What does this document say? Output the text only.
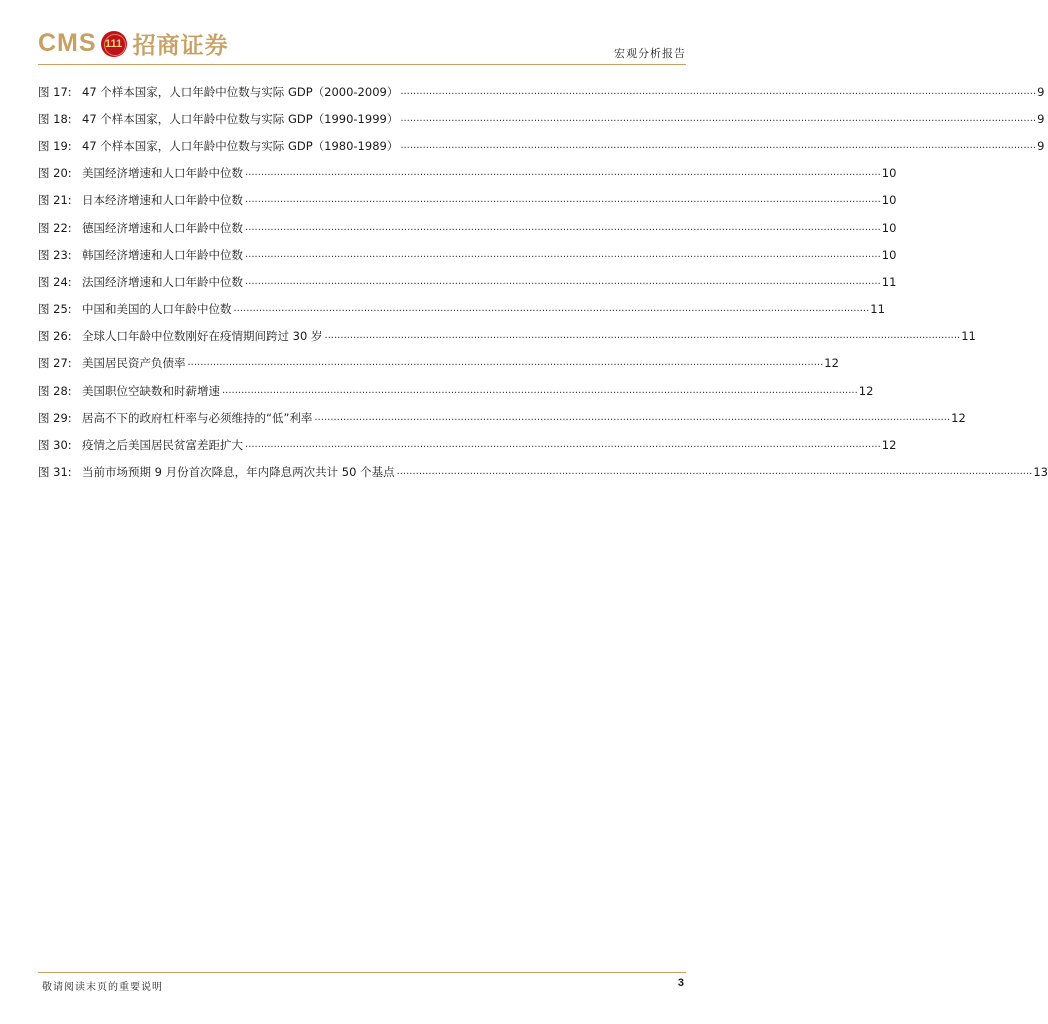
CMS 111 招商证券	宏观分析报告
图 17: 47 个样本国家，人口年龄中位数与实际 GDP（2000-2009） ........................................................................................................................................................................................................ 9
图 18: 47 个样本国家，人口年龄中位数与实际 GDP（1990-1999） ........................................................................................................................................................................................................ 9
图 19: 47 个样本国家，人口年龄中位数与实际 GDP（1980-1989） ........................................................................................................................................................................................................ 9
图 20: 美国经济增速和人口年龄中位数 ........................................................................................................................................................................................................ 10
图 21: 日本经济增速和人口年龄中位数 ........................................................................................................................................................................................................ 10
图 22: 德国经济增速和人口年龄中位数 ........................................................................................................................................................................................................ 10
图 23: 韩国经济增速和人口年龄中位数 ........................................................................................................................................................................................................ 10
图 24: 法国经济增速和人口年龄中位数 ........................................................................................................................................................................................................ 11
图 25: 中国和美国的人口年龄中位数 ........................................................................................................................................................................................................ 11
图 26: 全球人口年龄中位数刚好在疫情期间跨过 30 岁 ........................................................................................................................................................................................................ 11
图 27: 美国居民资产负债率 ........................................................................................................................................................................................................ 12
图 28: 美国职位空缺数和时薪增速 ........................................................................................................................................................................................................ 12
图 29: 居高不下的政府杠杆率与必须维持的“低”利率 ........................................................................................................................................................................................................ 12
图 30: 疫情之后美国居民贫富差距扩大 ........................................................................................................................................................................................................ 12
图 31: 当前市场预期 9 月份首次降息，年内降息两次共计 50 个基点 ........................................................................................................................................................................................................ 13
敬请阅读末页的重要说明	3
